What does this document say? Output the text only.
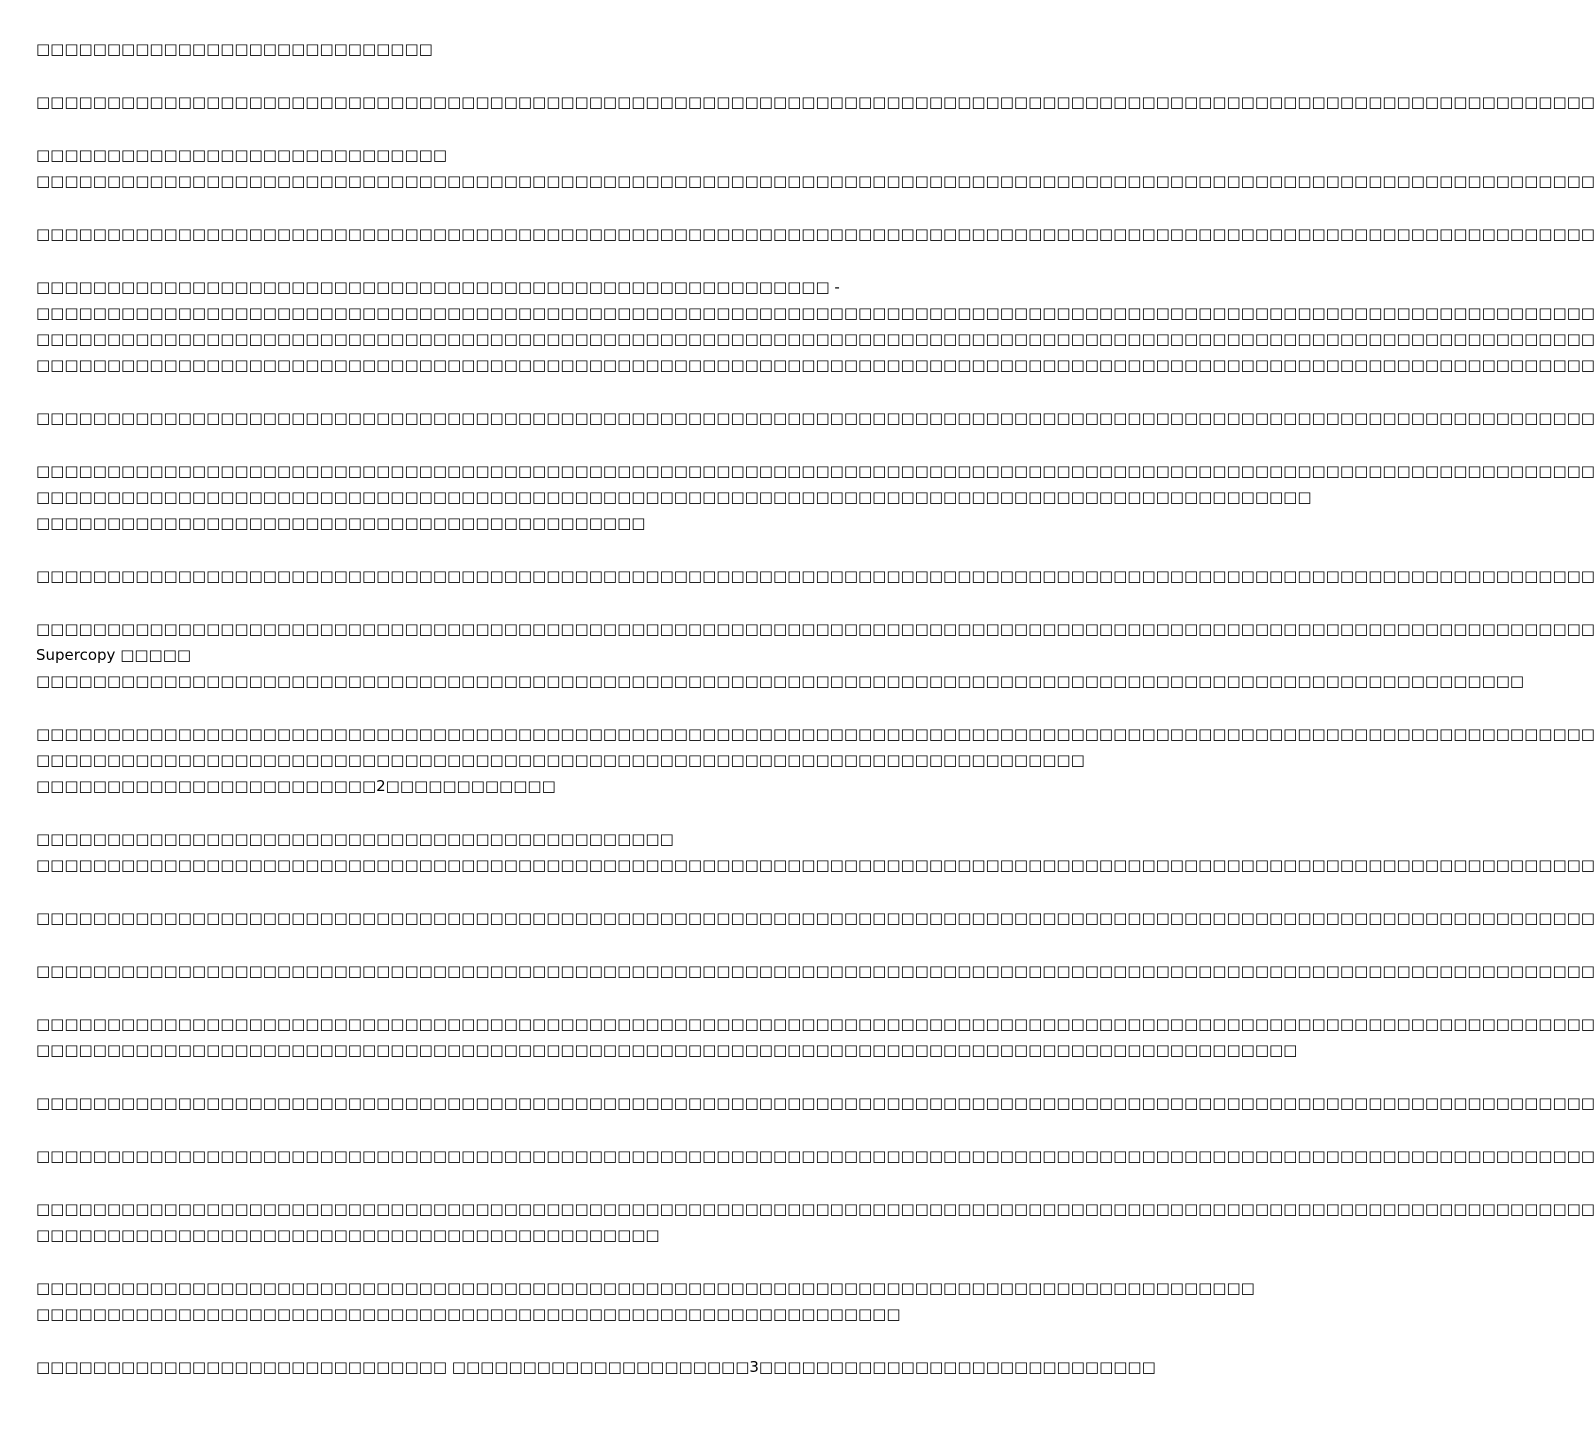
□□□□□□□□□□□□□□□□□□□□□□□□□□□□
□□□□□□□□□□□□□□□□□□□□□□□□□□□□□□□□□□□□□□□□□□□□□□□□□□□□□□□□□□□□□□□□□□□□□□□□□□□□□□□□□□□□□□□□□□□□□□□□□□□□□□□□□□□□□□
□□□□□□□□□□□□□□□□□□□□□□□□□□□□□
□□□□□□□□□□□□□□□□□□□□□□□□□□□□□□□□□□□□□□□□□□□□□□□□□□□□□□□□□□□□□□□□□□□□□□□□□□□□□□□□□□□□□□□□□□□□□□□□□□□□□□□□□□□□□□
□□□□□□□□□□□□□□□□□□□□□□□□□□□□□□□□□□□□□□□□□□□□□□□□□□□□□□□□□□□□□□□□□□□□□□□□□□□□□□□□□□□□□□□□□□□□□□□□□□□□□□□□□□□□□□
□□□□□□□□□□□□□□□□□□□□□□□□□□□□□□□□□□□□□□□□□□□□□□□□□□□□□□□□ -
□□□□□□□□□□□□□□□□□□□□□□□□□□□□□□□□□□□□□□□□□□□□□□□□□□□□□□□□□□□□□□□□□□□□□□□□□□□□□□□□□□□□□□□□□□□□□□□□□□□□□□□□□□□□□□
□□□□□□□□□□□□□□□□□□□□□□□□□□□□□□□□□□□□□□□□□□□□□□□□□□□□□□□□□□□□□□□□□□□□□□□□□□□□□□□□□□□□□□□□□□□□□□□□□□□□□□□□□□□□□□
□□□□□□□□□□□□□□□□□□□□□□□□□□□□□□□□□□□□□□□□□□□□□□□□□□□□□□□□□□□□□□□□□□□□□□□□□□□□□□□□□□□□□□□□□□□□□□□□□□□□□□□□□□□□□□
□□□□□□□□□□□□□□□□□□□□□□□□□□□□□□□□□□□□□□□□□□□□□□□□□□□□□□□□□□□□□□□□□□□□□□□□□□□□□□□□□□□□□□□□□□□□□□□□□□□□□□□□□□□□□□
□□□□□□□□□□□□□□□□□□□□□□□□□□□□□□□□□□□□□□□□□□□□□□□□□□□□□□□□□□□□□□□□□□□□□□□□□□□□□□□□□□□□□□□□□□□□□□□□□□□□□□□□□□□□□□
□□□□□□□□□□□□□□□□□□□□□□□□□□□□□□□□□□□□□□□□□□□□□□□□□□□□□□□□□□□□□□□□□□□□□□□□□□□□□□□□□□□□□□□□□□
□□□□□□□□□□□□□□□□□□□□□□□□□□□□□□□□□□□□□□□□□□□
□□□□□□□□□□□□□□□□□□□□□□□□□□□□□□□□□□□□□□□□□□□□□□□□□□□□□□□□□□□□□□□□□□□□□□□□□□□□□□□□□□□□□□□□□□□□□□□□□□□□□□□□□□□□□□
□□□□□□□□□□□□□□□□□□□□□□□□□□□□□□□□□□□□□□□□□□□□□□□□□□□□□□□□□□□□□□□□□□□□□□□□□□□□□□□□□□□□□□□□□□□□□□□□□□□□□□□□□□□□□□
Supercopy □□□□□
□□□□□□□□□□□□□□□□□□□□□□□□□□□□□□□□□□□□□□□□□□□□□□□□□□□□□□□□□□□□□□□□□□□□□□□□□□□□□□□□□□□□□□□□□□□□□□□□□□□□□□□□□
□□□□□□□□□□□□□□□□□□□□□□□□□□□□□□□□□□□□□□□□□□□□□□□□□□□□□□□□□□□□□□□□□□□□□□□□□□□□□□□□□□□□□□□□□□□□□□□□□□□□□□□□□□□□□□
□□□□□□□□□□□□□□□□□□□□□□□□□□□□□□□□□□□□□□□□□□□□□□□□□□□□□□□□□□□□□□□□□□□□□□□□□□
□□□□□□□□□□□□□□□□□□□□□□□□2□□□□□□□□□□□□
□□□□□□□□□□□□□□□□□□□□□□□□□□□□□□□□□□□□□□□□□□□□□
□□□□□□□□□□□□□□□□□□□□□□□□□□□□□□□□□□□□□□□□□□□□□□□□□□□□□□□□□□□□□□□□□□□□□□□□□□□□□□□□□□□□□□□□□□□□□□□□□□□□□□□□□□□□□□
□□□□□□□□□□□□□□□□□□□□□□□□□□□□□□□□□□□□□□□□□□□□□□□□□□□□□□□□□□□□□□□□□□□□□□□□□□□□□□□□□□□□□□□□□□□□□□□□□□□□□□□□□□□□□□
□□□□□□□□□□□□□□□□□□□□□□□□□□□□□□□□□□□□□□□□□□□□□□□□□□□□□□□□□□□□□□□□□□□□□□□□□□□□□□□□□□□□□□□□□□□□□□□□□□□□□□□□□□□□□□
□□□□□□□□□□□□□□□□□□□□□□□□□□□□□□□□□□□□□□□□□□□□□□□□□□□□□□□□□□□□□□□□□□□□□□□□□□□□□□□□□□□□□□□□□□□□□□□□□□□□□□□□□□□□□□
□□□□□□□□□□□□□□□□□□□□□□□□□□□□□□□□□□□□□□□□□□□□□□□□□□□□□□□□□□□□□□□□□□□□□□□□□□□□□□□□□□□□□□□□□
□□□□□□□□□□□□□□□□□□□□□□□□□□□□□□□□□□□□□□□□□□□□□□□□□□□□□□□□□□□□□□□□□□□□□□□□□□□□□□□□□□□□□□□□□□□□□□□□□□□□□□□□□□□□□□
□□□□□□□□□□□□□□□□□□□□□□□□□□□□□□□□□□□□□□□□□□□□□□□□□□□□□□□□□□□□□□□□□□□□□□□□□□□□□□□□□□□□□□□□□□□□□□□□□□□□□□□□□□□□□□
□□□□□□□□□□□□□□□□□□□□□□□□□□□□□□□□□□□□□□□□□□□□□□□□□□□□□□□□□□□□□□□□□□□□□□□□□□□□□□□□□□□□□□□□□□□□□□□□□□□□□□□□□□□□□□
□□□□□□□□□□□□□□□□□□□□□□□□□□□□□□□□□□□□□□□□□□□□
□□□□□□□□□□□□□□□□□□□□□□□□□□□□□□□□□□□□□□□□□□□□□□□□□□□□□□□□□□□□□□□□□□□□□□□□□□□□□□□□□□□□□□
□□□□□□□□□□□□□□□□□□□□□□□□□□□□□□□□□□□□□□□□□□□□□□□□□□□□□□□□□□□□□
□□□□□□□□□□□□□□□□□□□□□□□□□□□□□ □□□□□□□□□□□□□□□□□□□□□3□□□□□□□□□□□□□□□□□□□□□□□□□□□□
